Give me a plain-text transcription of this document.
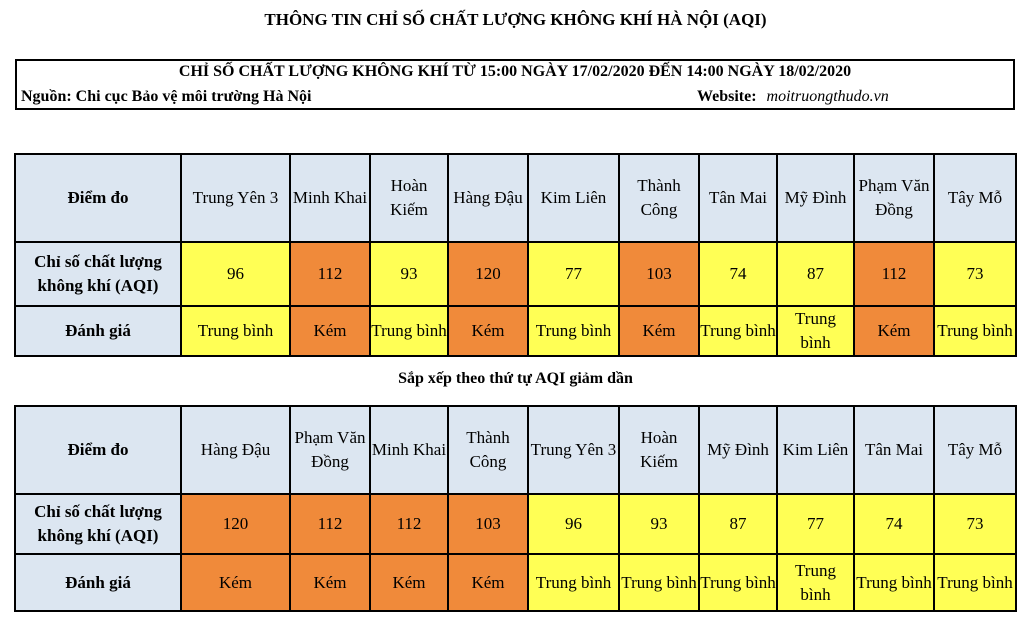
THÔNG TIN CHỈ SỐ CHẤT LƯỢNG KHÔNG KHÍ HÀ NỘI (AQI)
CHỈ SỐ CHẤT LƯỢNG KHÔNG KHÍ TỪ 15:00 NGÀY 17/02/2020 ĐẾN 14:00 NGÀY 18/02/2020
Nguồn: Chi cục Bảo vệ môi trường Hà Nội	Website: moitruongthudo.vn
Điểm đo	Trung Yên 3	Minh Khai	Hoàn Kiếm	Hàng Đậu	Kim Liên	Thành Công	Tân Mai	Mỹ Đình	Phạm Văn Đồng	Tây Mỗ
Chỉ số chất lượng không khí (AQI)	96	112	93	120	77	103	74	87	112	73
Đánh giá	Trung bình	Kém	Trung bình	Kém	Trung bình	Kém	Trung bình	Trung bình	Kém	Trung bình
Sắp xếp theo thứ tự AQI giảm dần
Điểm đo	Hàng Đậu	Phạm Văn Đồng	Minh Khai	Thành Công	Trung Yên 3	Hoàn Kiếm	Mỹ Đình	Kim Liên	Tân Mai	Tây Mỗ
Chỉ số chất lượng không khí (AQI)	120	112	112	103	96	93	87	77	74	73
Đánh giá	Kém	Kém	Kém	Kém	Trung bình	Trung bình	Trung bình	Trung bình	Trung bình	Trung bình
